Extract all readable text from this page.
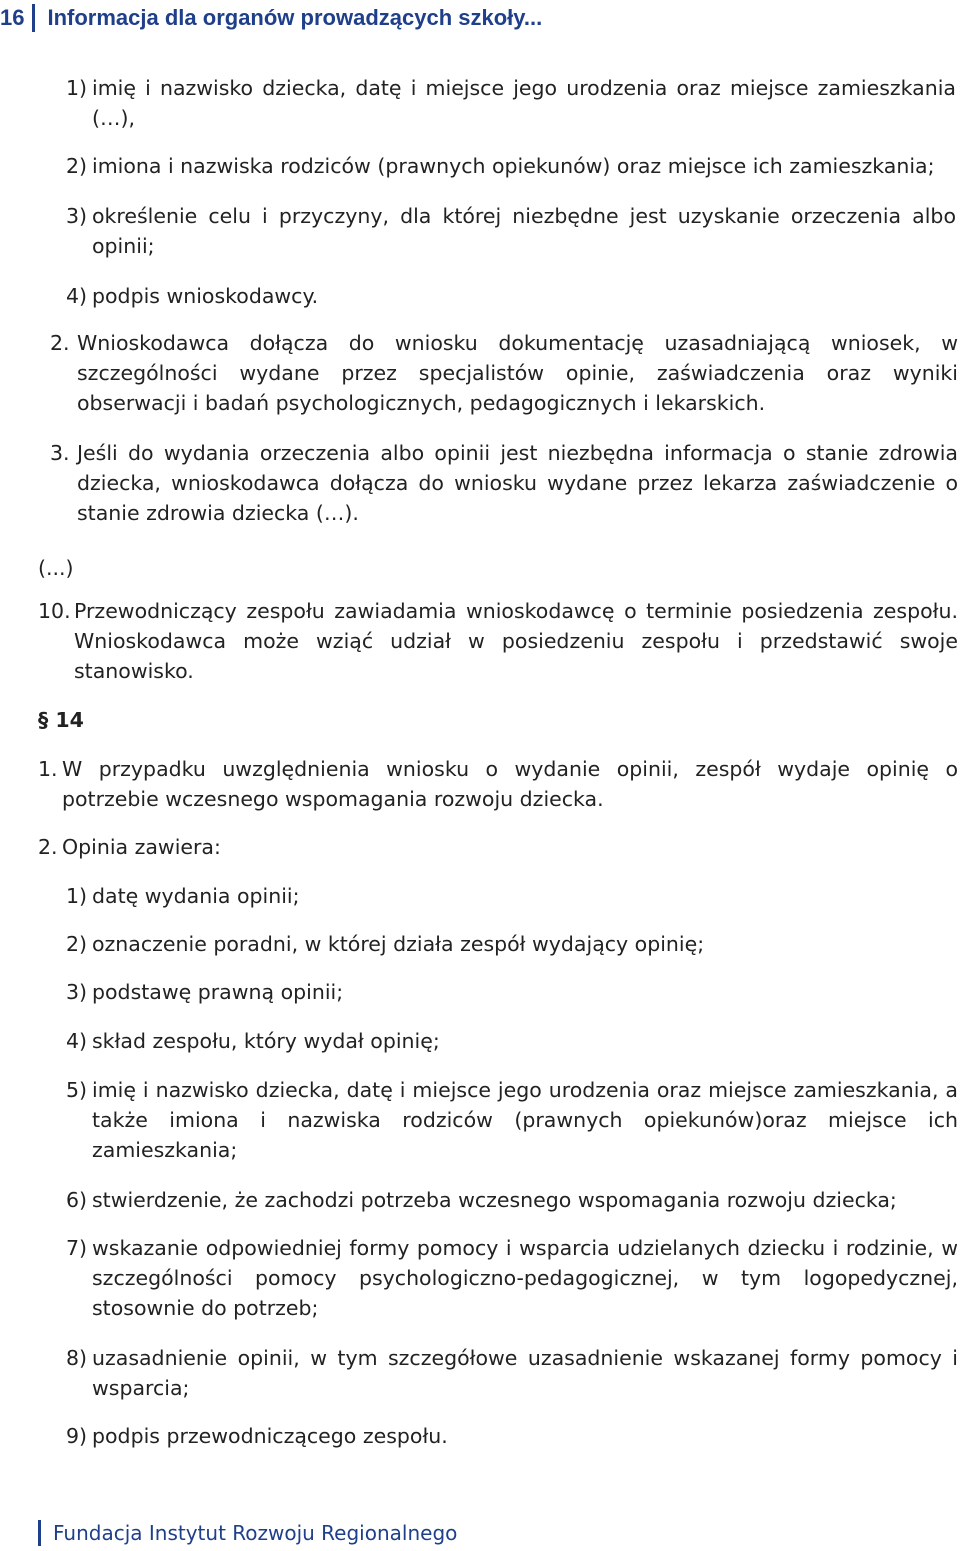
16 Informacja dla organów prowadzących szkoły...
1) imię i nazwisko dziecka, datę i miejsce jego urodzenia oraz miejsce zamieszkania (…),
2) imiona i nazwiska rodziców (prawnych opiekunów) oraz miejsce ich zamieszkania;
3) określenie celu i przyczyny, dla której niezbędne jest uzyskanie orzeczenia albo opinii;
4) podpis wnioskodawcy.
2. Wnioskodawca dołącza do wniosku dokumentację uzasadniającą wniosek, w szczególności wydane przez specjalistów opinie, zaświadczenia oraz wyniki obserwacji i badań psychologicznych, pedagogicznych i lekarskich.
3. Jeśli do wydania orzeczenia albo opinii jest niezbędna informacja o stanie zdrowia dziecka, wnioskodawca dołącza do wniosku wydane przez lekarza zaświadczenie o stanie zdrowia dziecka (…).
(...)
10. Przewodniczący zespołu zawiadamia wnioskodawcę o terminie posiedzenia zespołu. Wnioskodawca może wziąć udział w posiedzeniu zespołu i przedstawić swoje stanowisko.
§ 14
1. W przypadku uwzględnienia wniosku o wydanie opinii, zespół wydaje opinię o potrzebie wczesnego wspomagania rozwoju dziecka.
2. Opinia zawiera:
1) datę wydania opinii;
2) oznaczenie poradni, w której działa zespół wydający opinię;
3) podstawę prawną opinii;
4) skład zespołu, który wydał opinię;
5) imię i nazwisko dziecka, datę i miejsce jego urodzenia oraz miejsce zamieszkania, a także imiona i nazwiska rodziców (prawnych opiekunów)oraz miejsce ich zamieszkania;
6) stwierdzenie, że zachodzi potrzeba wczesnego wspomagania rozwoju dziecka;
7) wskazanie odpowiedniej formy pomocy i wsparcia udzielanych dziecku i rodzinie, w szczególności pomocy psychologiczno-pedagogicznej, w tym logopedycznej, stosownie do potrzeb;
8) uzasadnienie opinii, w tym szczegółowe uzasadnienie wskazanej formy pomocy i wsparcia;
9) podpis przewodniczącego zespołu.
Fundacja Instytut Rozwoju Regionalnego
